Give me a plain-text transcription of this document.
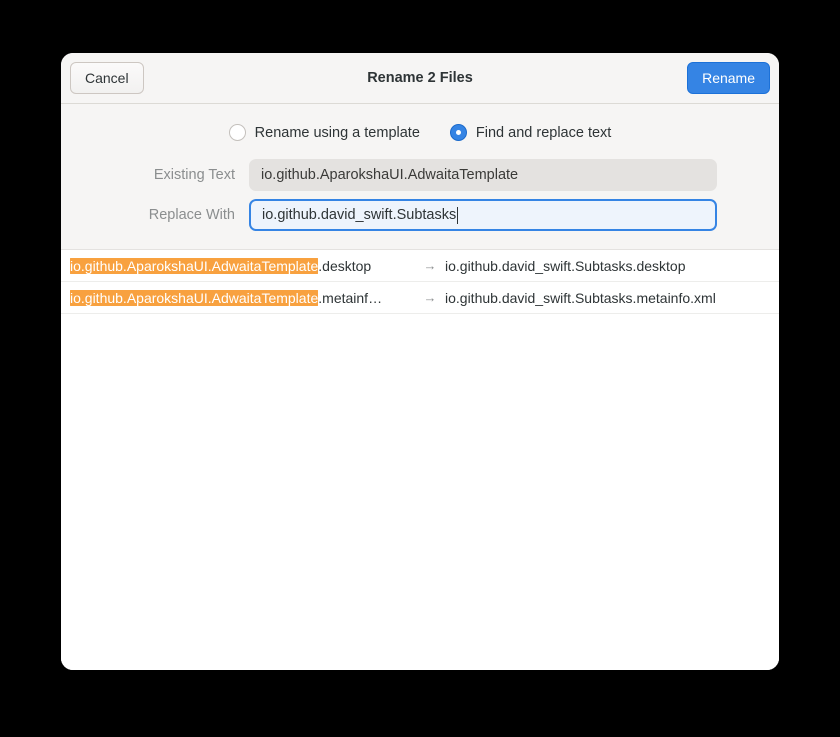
Cancel	Rename 2 Files	Rename
Rename using a template	Find and replace text
Existing Text io.github.AparokshaUI.AdwaitaTemplate
Replace With io.github.david_swift.Subtasks
io.github.AparokshaUI.AdwaitaTemplate.desktop	→ io.github.david_swift.Subtasks.desktop
io.github.AparokshaUI.AdwaitaTemplate.metainf…	→ io.github.david_swift.Subtasks.metainfo.xml
